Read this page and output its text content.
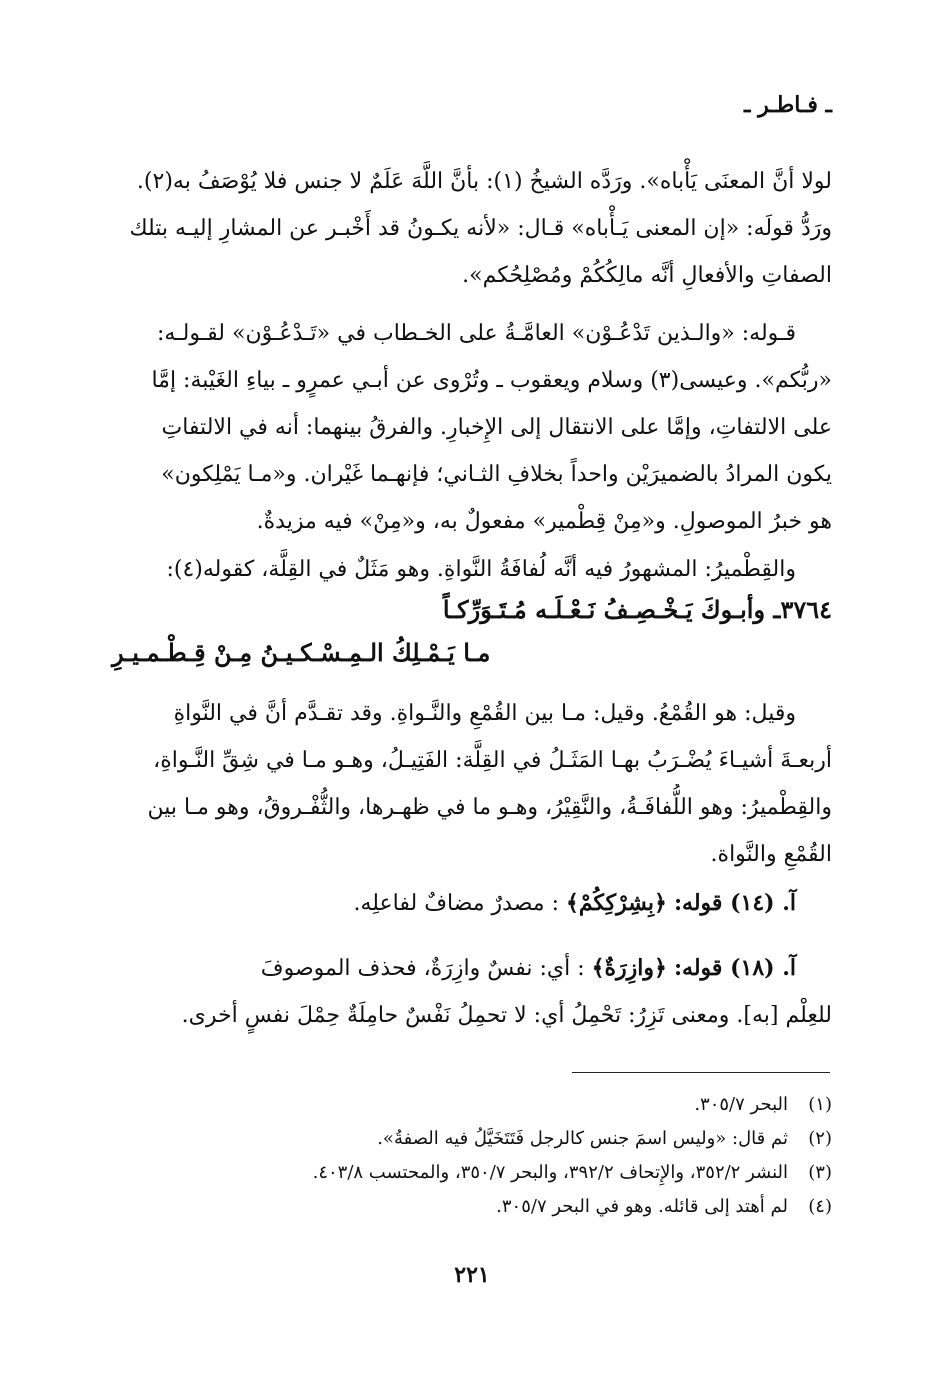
ـ فـاطـر ـ
لولا أنَّ المعنَى يَأْباه». ورَدَّه الشيخُ (١): بأنَّ اللَّهَ عَلَمٌ لا جنس فلا يُوْصَفُ به(٢).
ورَدُّ قولَه: «إن المعنى يَـأْباه» قـال: «لأنه يكـونُ قد أَخْبـر عن المشارِ إليـه بتلك
الصفاتِ والأفعالِ أنَّه مالِكُكُمْ ومُصْلِحُكم».
قـوله: «والـذين تَدْعُـوْن» العامَّـةُ على الخـطاب في «تَـدْعُـوْن» لقـولـه:
«ربُّكم». وعيسى(٣) وسلام ويعقوب ـ وتُرْوى عن أبـي عمرٍو ـ بياءِ الغَيْبة: إمَّا
على الالتفاتِ، وإمَّا على الانتقال إلى الإِخبارِ. والفرقُ بينهما: أنه في الالتفاتِ
يكون المرادُ بالضميرَيْن واحداً بخلافِ الثـاني؛ فإنهـما غَيْران. و«مـا يَمْلِكون»
هو خبرُ الموصولِ. و«مِنْ قِطْمير» مفعولٌ به، و«مِنْ» فيه مزيدةٌ.
والقِطْميرُ: المشهورُ فيه أنَّه لُفافَةُ النَّواةِ. وهو مَثَلٌ في القِلَّة، كقوله(٤):
٣٧٦٤ـ وأبـوكَ يَـخْـصِـفُ نَـعْـلَـه مُـتَـوَرِّكـاً
مـا يَـمْـلِكُ الـمِـسْـكـيـنُ مِـنْ قِـطْـمـيـرِ
وقيل: هو القُمْعُ. وقيل: مـا بين القُمْعِ والنَّـواةِ. وقد تقـدَّم أنَّ في النَّواةِ
أربعـةَ أشيـاءَ يُضْـرَبُ بهـا المَثَـلُ في القِلَّة: الفَتِيـلُ، وهـو مـا في شِقِّ النَّـواةِ،
والقِطْميرُ: وهو اللُّفافَـةُ، والنَّقِيْرُ، وهـو ما في ظهـرها، والثُّفْـروقُ، وهو مـا بين
القُمْعِ والنَّواة.
آ. (١٤) قوله: ﴿بِشِرْكِكُمْ﴾ : مصدرٌ مضافٌ لفاعلِه.
آ. (١٨) قوله: ﴿وازِرَةٌ﴾ : أي: نفسٌ وازِرَةٌ، فحذف الموصوفَ
للعِلْم [به]. ومعنى تَزِرُ: تَحْمِلُ أي: لا تحمِلُ نَفْسٌ حامِلَةٌ حِمْلَ نفسٍ أخرى.
(١)البحر ٣٠٥/٧.
(٢)ثم قال: «وليس اسمَ جنس كالرجل فَتَتَخَيَّلُ فيه الصفةُ».
(٣)النشر ٣٥٢/٢، والإِتحاف ٣٩٢/٢، والبحر ٣٥٠/٧، والمحتسب ٤٠٣/٨.
(٤)لم أهتد إلى قائله. وهو في البحر ٣٠٥/٧.
٢٢١
